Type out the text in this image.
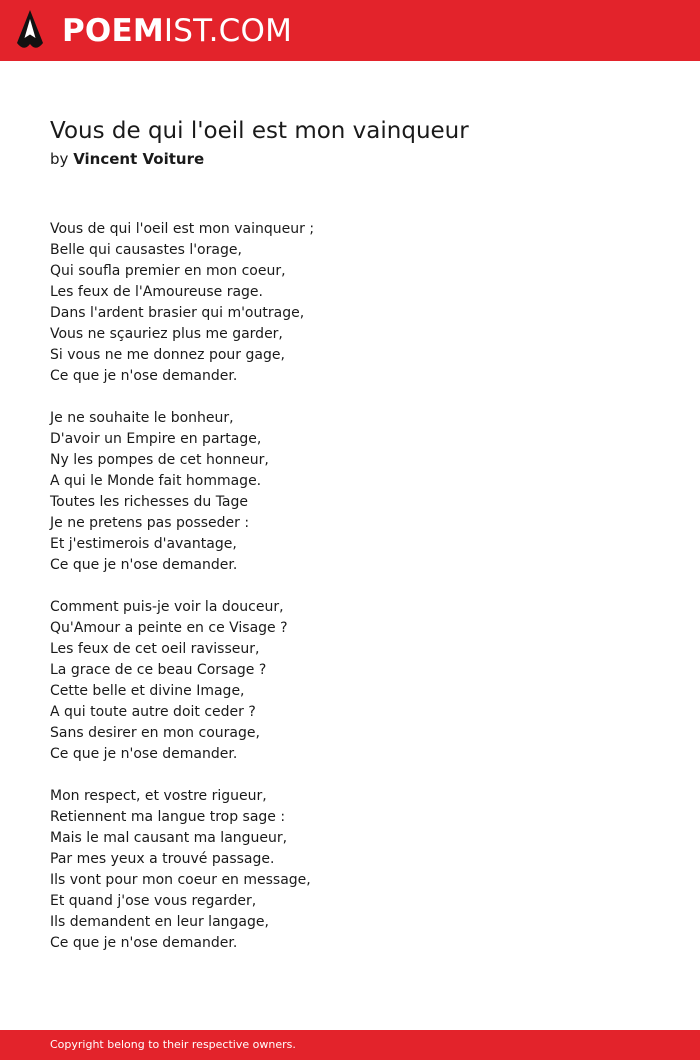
POEMIST.COM
Vous de qui l'oeil est mon vainqueur
by Vincent Voiture
Vous de qui l'oeil est mon vainqueur ;
Belle qui causastes l'orage,
Qui soufla premier en mon coeur,
Les feux de l'Amoureuse rage.
Dans l'ardent brasier qui m'outrage,
Vous ne sçauriez plus me garder,
Si vous ne me donnez pour gage,
Ce que je n'ose demander.
Je ne souhaite le bonheur,
D'avoir un Empire en partage,
Ny les pompes de cet honneur,
A qui le Monde fait hommage.
Toutes les richesses du Tage
Je ne pretens pas posseder :
Et j'estimerois d'avantage,
Ce que je n'ose demander.
Comment puis-je voir la douceur,
Qu'Amour a peinte en ce Visage ?
Les feux de cet oeil ravisseur,
La grace de ce beau Corsage ?
Cette belle et divine Image,
A qui toute autre doit ceder ?
Sans desirer en mon courage,
Ce que je n'ose demander.
Mon respect, et vostre rigueur,
Retiennent ma langue trop sage :
Mais le mal causant ma langueur,
Par mes yeux a trouvé passage.
Ils vont pour mon coeur en message,
Et quand j'ose vous regarder,
Ils demandent en leur langage,
Ce que je n'ose demander.
Copyright belong to their respective owners.
